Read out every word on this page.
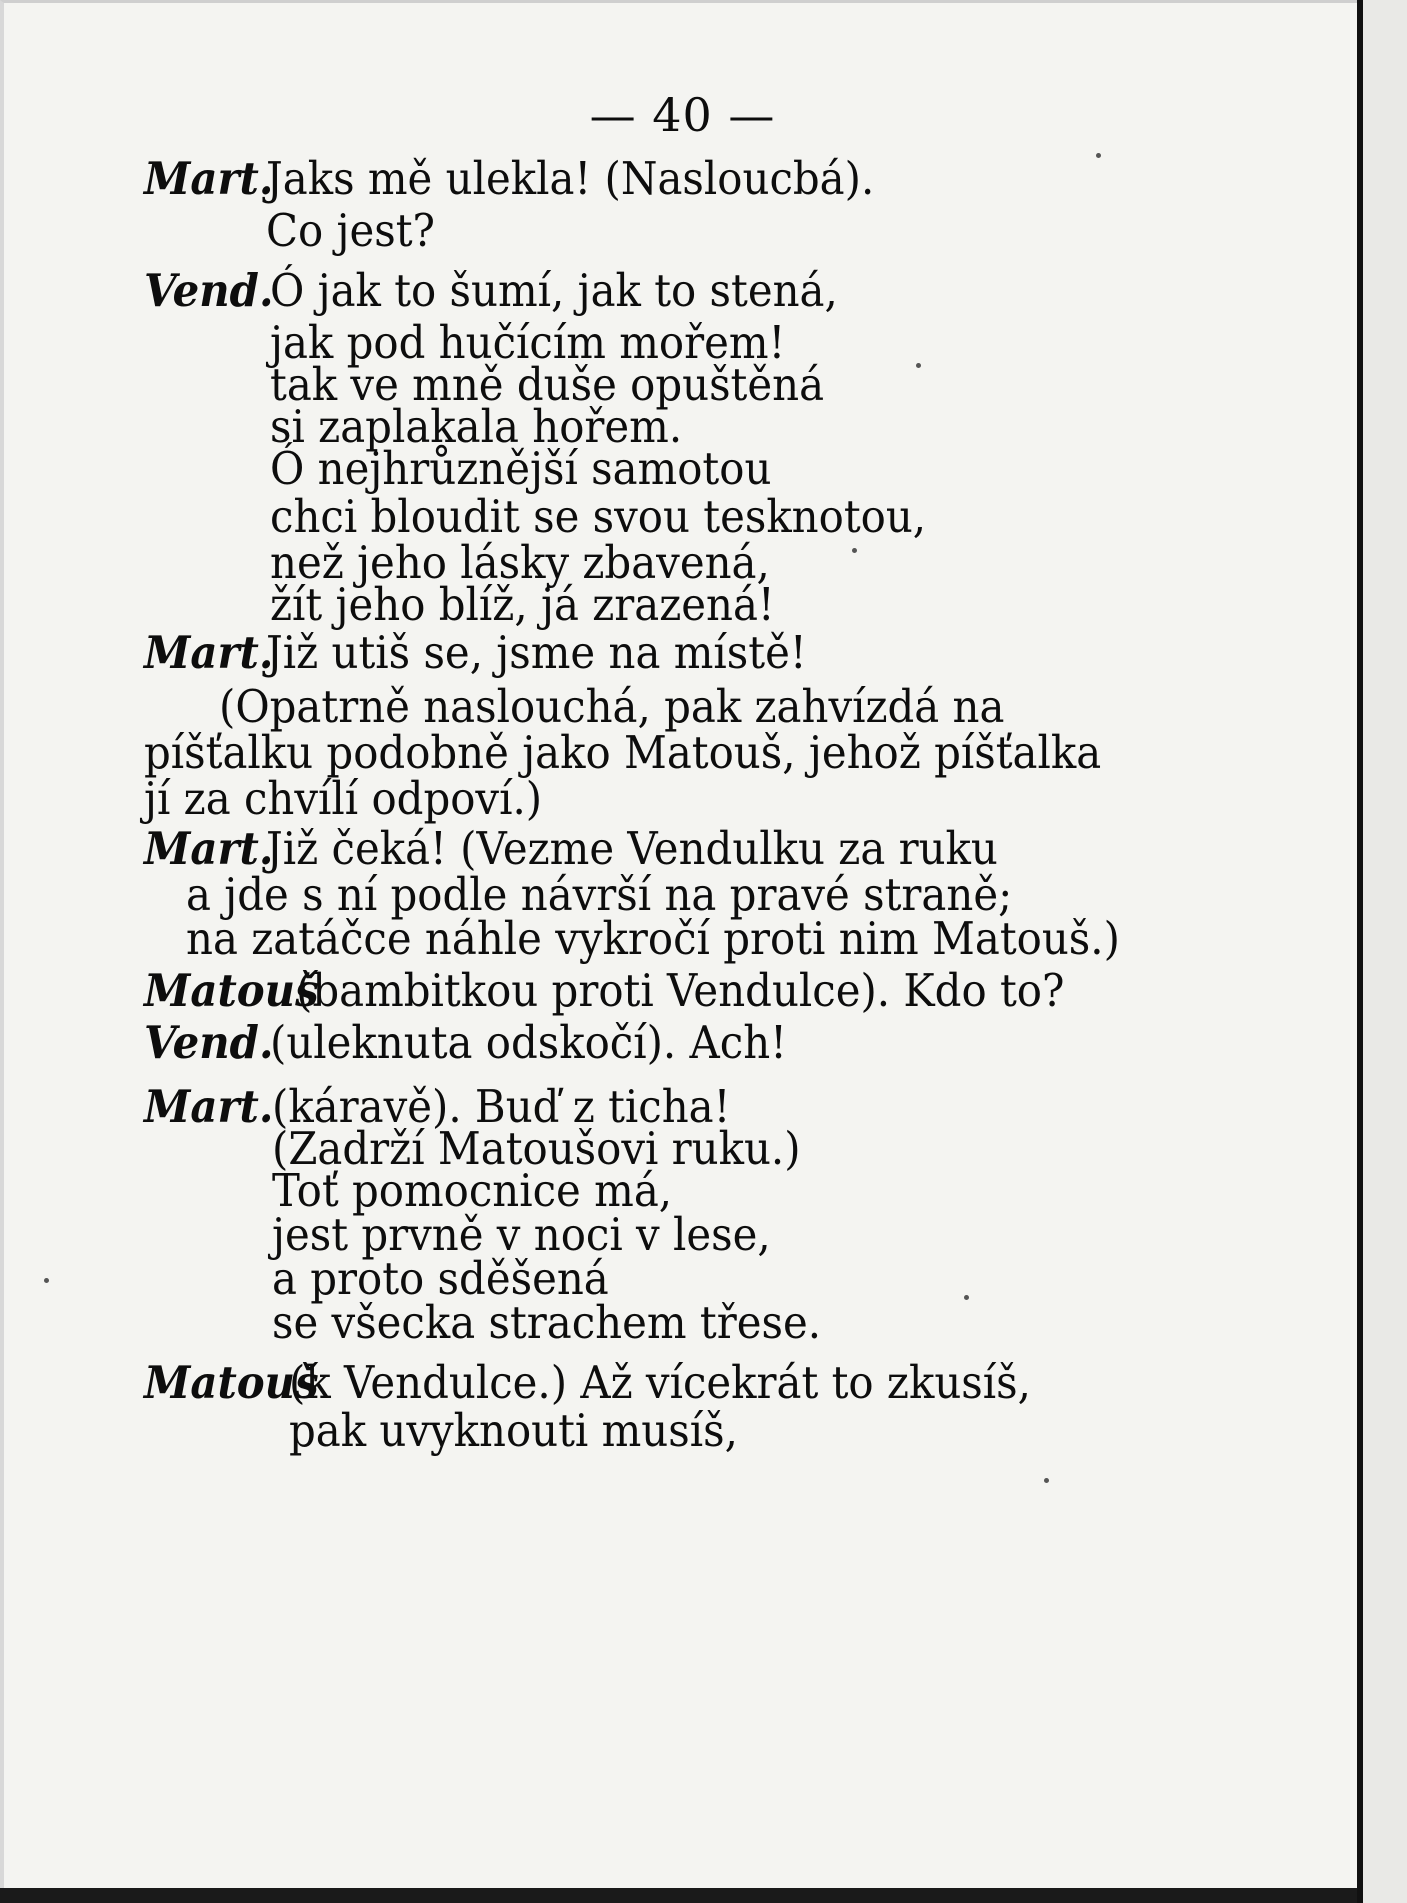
— 40 —
Mart.
Jaks mě ulekla! (Nasloucbá).
Co jest?
Vend.
Ó jak to šumí, jak to stená,
jak pod hučícím mořem!
tak ve mně duše opuštěná
si zaplakala hořem.
Ó nejhrůznější samotou
chci bloudit se svou tesknotou,
než jeho lásky zbavená,
žít jeho blíž, já zrazená!
Mart.
Již utiš se, jsme na místě!
(Opatrně naslouchá, pak zahvízdá na
píšťalku podobně jako Matouš, jehož píšťalka
jí za chvílí odpoví.)
Mart.
Již čeká! (Vezme Vendulku za ruku
a jde s ní podle návrší na pravé straně;
na zatáčce náhle vykročí proti nim Matouš.)
Matouš
(bambitkou proti Vendulce). Kdo to?
Vend.
(uleknuta odskočí). Ach!
Mart.
(káravě). Buď z ticha!
(Zadrží Matoušovi ruku.)
Toť pomocnice má,
jest prvně v noci v lese,
a proto sděšená
se všecka strachem třese.
Matouš
(k Vendulce.) Až vícekrát to zkusíš,
pak uvyknouti musíš,
